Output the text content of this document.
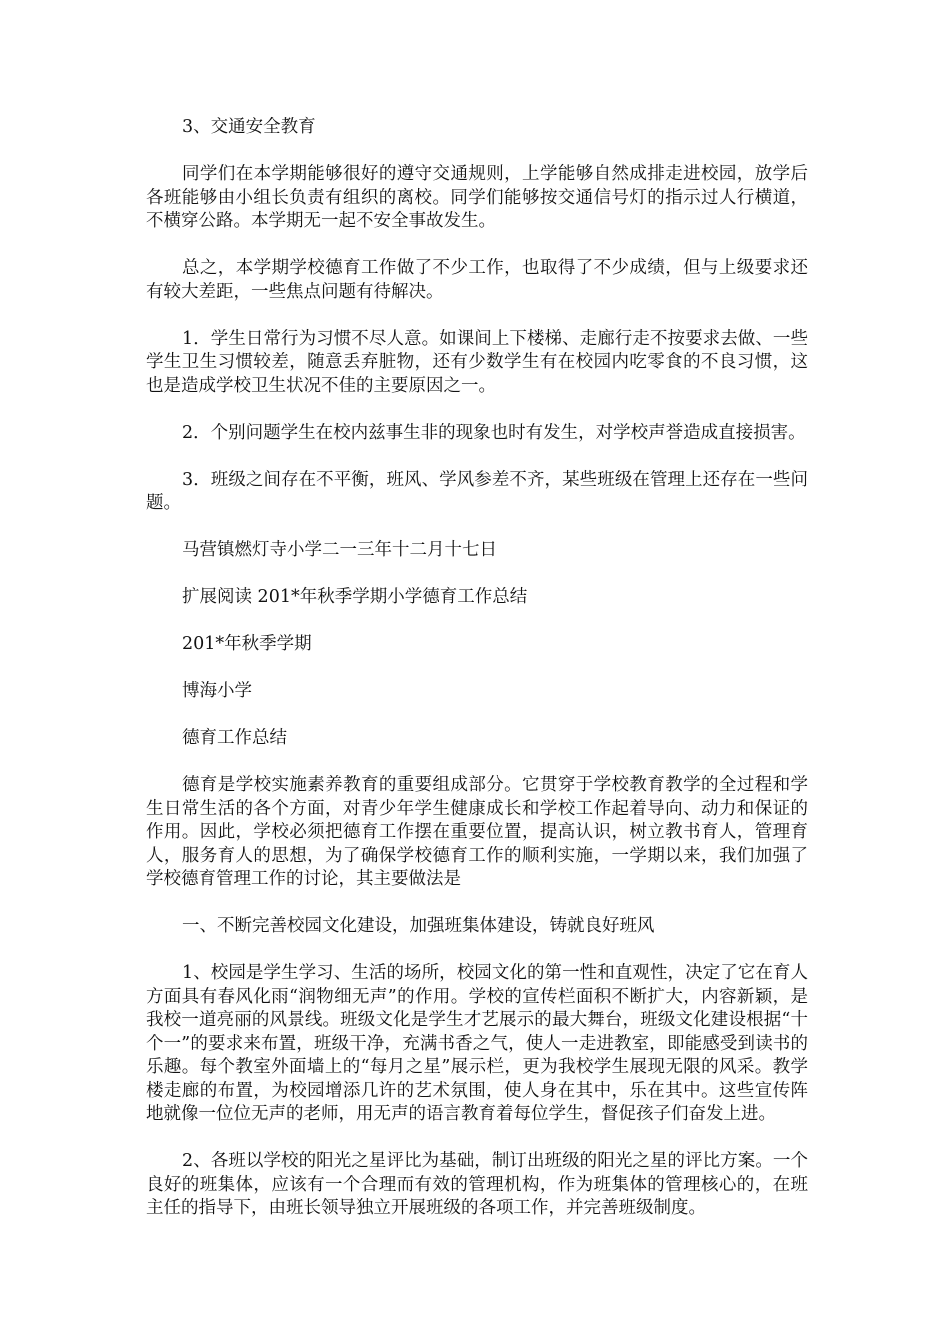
3、交通安全教育

同学们在本学期能够很好的遵守交通规则，上学能够自然成排走进校园，放学后各班能够由小组长负责有组织的离校。同学们能够按交通信号灯的指示过人行横道，不横穿公路。本学期无一起不安全事故发生。

总之，本学期学校德育工作做了不少工作，也取得了不少成绩，但与上级要求还有较大差距，一些焦点问题有待解决。

1．学生日常行为习惯不尽人意。如课间上下楼梯、走廊行走不按要求去做、一些学生卫生习惯较差，随意丢弃脏物，还有少数学生有在校园内吃零食的不良习惯，这也是造成学校卫生状况不佳的主要原因之一。

2．个别问题学生在校内兹事生非的现象也时有发生，对学校声誉造成直接损害。

3．班级之间存在不平衡，班风、学风参差不齐，某些班级在管理上还存在一些问题。

马营镇燃灯寺小学二一三年十二月十七日

扩展阅读 201*年秋季学期小学德育工作总结

201*年秋季学期

博海小学

德育工作总结

德育是学校实施素养教育的重要组成部分。它贯穿于学校教育教学的全过程和学生日常生活的各个方面，对青少年学生健康成长和学校工作起着导向、动力和保证的作用。因此，学校必须把德育工作摆在重要位置，提高认识，树立教书育人，管理育人，服务育人的思想，为了确保学校德育工作的顺利实施，一学期以来，我们加强了学校德育管理工作的讨论，其主要做法是

一、不断完善校园文化建设，加强班集体建设，铸就良好班风

1、校园是学生学习、生活的场所，校园文化的第一性和直观性，决定了它在育人方面具有春风化雨“润物细无声”的作用。学校的宣传栏面积不断扩大，内容新颖，是我校一道亮丽的风景线。班级文化是学生才艺展示的最大舞台，班级文化建设根据“十个一”的要求来布置，班级干净，充满书香之气，使人一走进教室，即能感受到读书的乐趣。每个教室外面墙上的“每月之星”展示栏，更为我校学生展现无限的风采。教学楼走廊的布置，为校园增添几许的艺术氛围，使人身在其中，乐在其中。这些宣传阵地就像一位位无声的老师，用无声的语言教育着每位学生，督促孩子们奋发上进。

2、各班以学校的阳光之星评比为基础，制订出班级的阳光之星的评比方案。一个良好的班集体，应该有一个合理而有效的管理机构，作为班集体的管理核心的，在班主任的指导下，由班长领导独立开展班级的各项工作，并完善班级制度。
